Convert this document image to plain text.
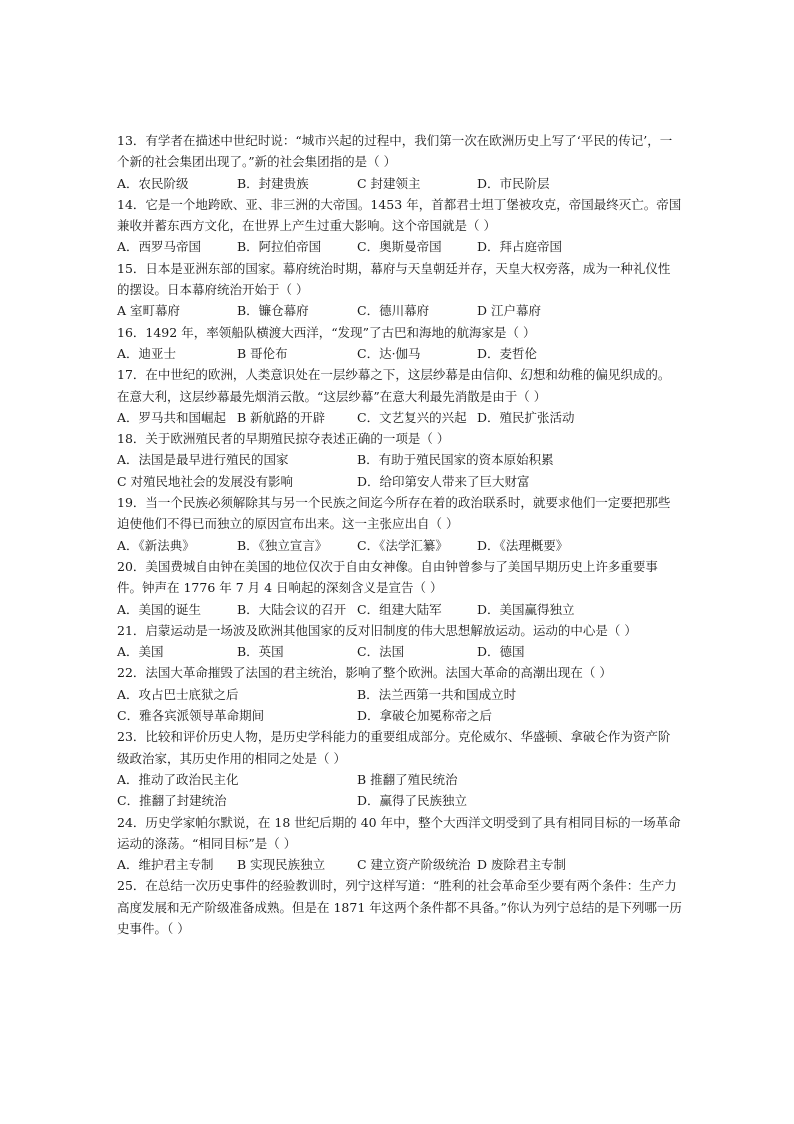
13．有学者在描述中世纪时说：“城市兴起的过程中，我们第一次在欧洲历史上写了‘平民的传记’，一个新的社会集团出现了。”新的社会集团指的是（ ）

A．农民阶级	B．封建贵族	C 封建领主	D．市民阶层

14．它是一个地跨欧、亚、非三洲的大帝国。1453 年，首都君士坦丁堡被攻克，帝国最终灭亡。帝国兼收并蓄东西方文化，在世界上产生过重大影响。这个帝国就是（ ）

A．西罗马帝国	B．阿拉伯帝国	C．奥斯曼帝国	D．拜占庭帝国

15．日本是亚洲东部的国家。幕府统治时期，幕府与天皇朝廷并存，天皇大权旁落，成为一种礼仪性的摆设。日本幕府统治开始于（ ）

A 室町幕府	B．镰仓幕府	C．德川幕府	D 江户幕府

16．1492 年，率领船队横渡大西洋，“发现”了古巴和海地的航海家是（ ）

A．迪亚士	B 哥伦布	C．达·伽马	D．麦哲伦

17．在中世纪的欧洲，人类意识处在一层纱幕之下，这层纱幕是由信仰、幻想和幼稚的偏见织成的。在意大利，这层纱幕最先烟消云散。“这层纱幕”在意大利最先消散是由于（ ）

A．罗马共和国崛起 B 新航路的开辟	C．文艺复兴的兴起 D．殖民扩张活动

18．关于欧洲殖民者的早期殖民掠夺表述正确的一项是（ ）

A．法国是最早进行殖民的国家	B．有助于殖民国家的资本原始积累
C 对殖民地社会的发展没有影响	D．给印第安人带来了巨大财富

19．当一个民族必须解除其与另一个民族之间迄今所存在着的政治联系时，就要求他们一定要把那些迫使他们不得已而独立的原因宣布出来。这一主张应出自（ ）

A．《新法典》	B．《独立宣言》	C．《法学汇纂》	D．《法理概要》

20．美国费城自由钟在美国的地位仅次于自由女神像。自由钟曾参与了美国早期历史上许多重要事件。钟声在 1776 年 7 月 4 日响起的深刻含义是宣告（ ）

A．美国的诞生	B．大陆会议的召开 C．组建大陆军	D．美国赢得独立

21．启蒙运动是一场波及欧洲其他国家的反对旧制度的伟大思想解放运动。运动的中心是（ ）

A．美国	B．英国	C．法国	D．德国

22．法国大革命摧毁了法国的君主统治，影响了整个欧洲。法国大革命的高潮出现在（ ）

A．攻占巴士底狱之后	B．法兰西第一共和国成立时
C．雅各宾派领导革命期间	D．拿破仑加冕称帝之后

23．比较和评价历史人物，是历史学科能力的重要组成部分。克伦威尔、华盛顿、拿破仑作为资产阶级政治家，其历史作用的相同之处是（ ）

A．推动了政治民主化	B 推翻了殖民统治
C．推翻了封建统治	D．赢得了民族独立

24．历史学家帕尔默说，在 18 世纪后期的 40 年中，整个大西洋文明受到了具有相同目标的一场革命运动的涤荡。“相同目标”是（ ）

A．维护君主专制	B 实现民族独立	C 建立资产阶级统治 D 废除君主专制

25．在总结一次历史事件的经验教训时，列宁这样写道：“胜利的社会革命至少要有两个条件：生产力高度发展和无产阶级准备成熟。但是在 1871 年这两个条件都不具备。”你认为列宁总结的是下列哪一历史事件。（ ）
